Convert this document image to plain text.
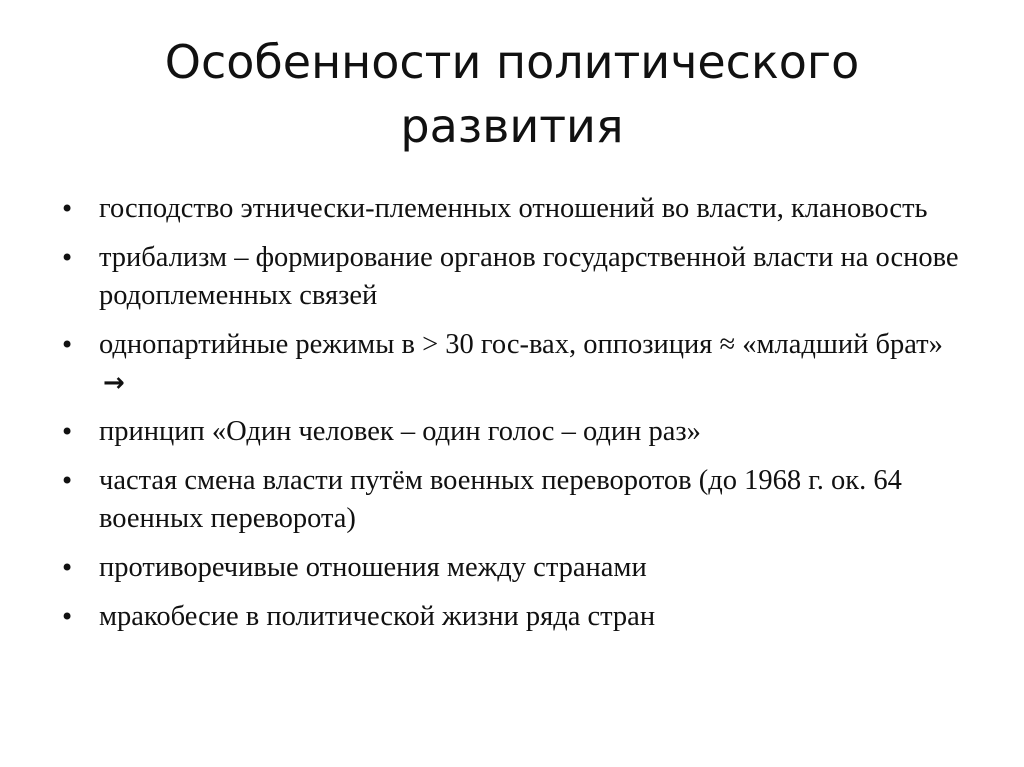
Особенности политического развития
• господство этнически-племенных отношений во власти, клановость
• трибализм – формирование органов государственной власти на основе родоплеменных связей
• однопартийные режимы в > 30 гос-вах, оппозиция ≈ «младший брат» →
• принцип «Один человек – один голос – один раз»
• частая смена власти путём военных переворотов (до 1968 г. ок. 64 военных переворота)
• противоречивые отношения между странами
• мракобесие в политической жизни ряда стран
